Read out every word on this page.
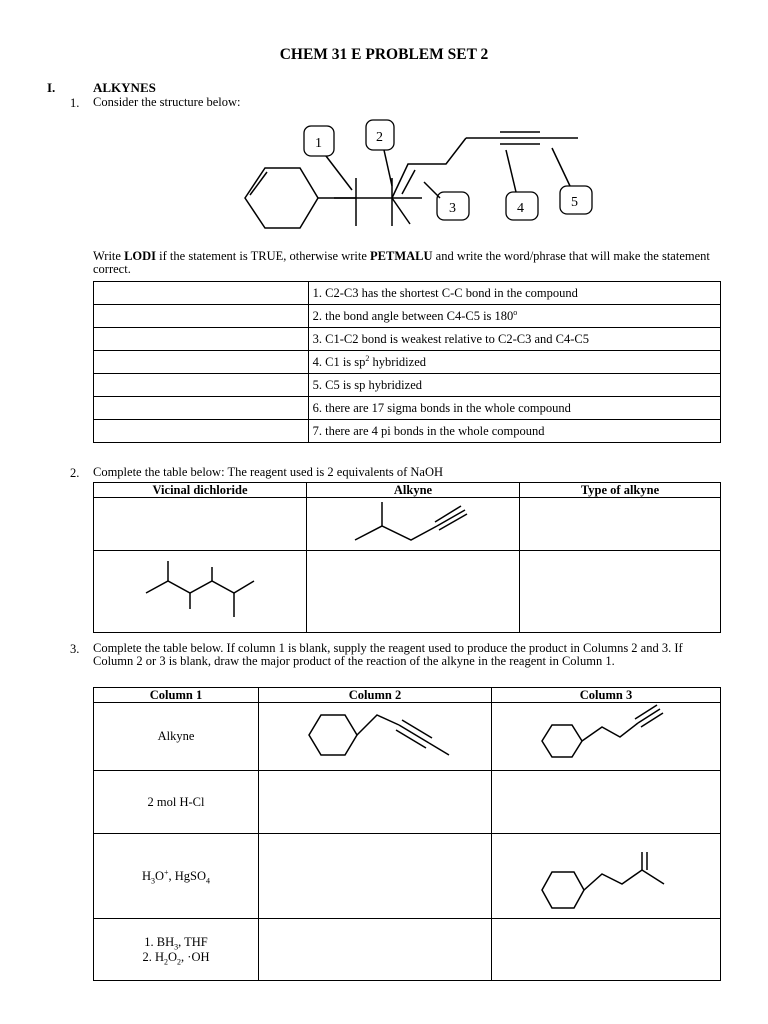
CHEM 31 E PROBLEM SET 2
I.	ALKYNES
1. Consider the structure below:
1	2
3	4	5
Write LODI if the statement is TRUE, otherwise write PETMALU and write the word/phrase that will make the statement correct.
	1. C2-C3 has the shortest C-C bond in the compound
	2. the bond angle between C4-C5 is 180$^o$
	3. C1-C2 bond is weakest relative to C2-C3 and C4-C5
	4. C1 is $sp^2$ hybridized
	5. C5 is sp hybridized
	6. there are 17 sigma bonds in the whole compound
	7. there are 4 pi bonds in the whole compound
2. Complete the table below: The reagent used is 2 equivalents of NaOH
Vicinal dichloride	Alkyne	Type of alkyne

3. Complete the table below. If column 1 is blank, supply the reagent used to produce the product in Columns 2 and 3. If Column 2 or 3 is blank, draw the major product of the reaction of the alkyne in the reagent in Column 1.
Column 1	Column 2	Column 3
Alkyne		
2 mol H-Cl		
$H_3O^+$, HgSO$_4$		

1. $BH_3$, THF
2. $H_2O_2$, ·OH		
